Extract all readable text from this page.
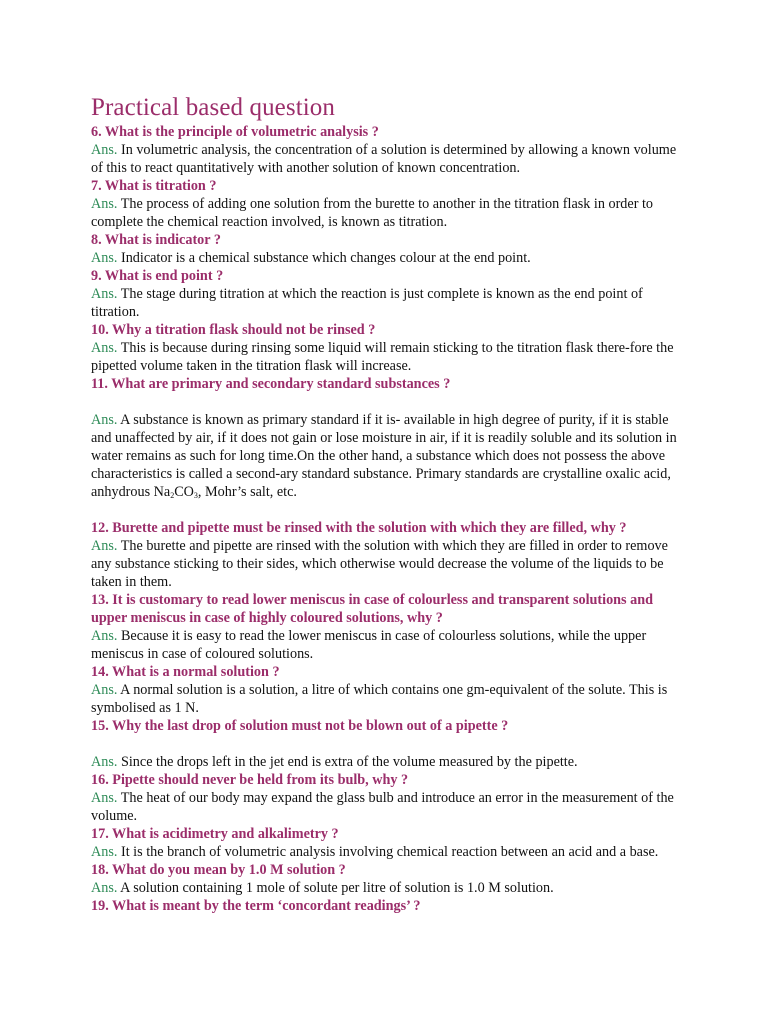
Practical based question

6. What is the principle of volumetric analysis ?

Ans. In volumetric analysis, the concentration of a solution is determined by allowing a known volume of this to react quantitatively with another solution of known concentration.

7. What is titration ?

Ans. The process of adding one solution from the burette to another in the titration flask in order to complete the chemical reaction involved, is known as titration.

8. What is indicator ?

Ans. Indicator is a chemical substance which changes colour at the end point.

9. What is end point ?

Ans. The stage during titration at which the reaction is just complete is known as the end point of titration.

10. Why a titration flask should not be rinsed ?

Ans. This is because during rinsing some liquid will remain sticking to the titration flask there-fore the pipetted volume taken in the titration flask will increase.

11. What are primary and secondary standard substances ?

Ans. A substance is known as primary standard if it is- available in high degree of purity, if it is stable and unaffected by air, if it does not gain or lose moisture in air, if it is readily soluble and its solution in water remains as such for long time.On the other hand, a substance which does not possess the above characteristics is called a second-ary standard substance. Primary standards are crystalline oxalic acid, anhydrous $Na_2CO_3$, Mohr’s salt, etc.

12. Burette and pipette must be rinsed with the solution with which they are filled, why ?

Ans. The burette and pipette are rinsed with the solution with which they are filled in order to remove any substance sticking to their sides, which otherwise would decrease the volume of the liquids to be taken in them.

13. It is customary to read lower meniscus in case of colourless and transparent solutions and upper meniscus in case of highly coloured solutions, why ?

Ans. Because it is easy to read the lower meniscus in case of colourless solutions, while the upper meniscus in case of coloured solutions.

14. What is a normal solution ?

Ans. A normal solution is a solution, a litre of which contains one gm-equivalent of the solute. This is symbolised as 1 N.

15. Why the last drop of solution must not be blown out of a pipette ?

Ans. Since the drops left in the jet end is extra of the volume measured by the pipette.

16. Pipette should never be held from its bulb, why ?

Ans. The heat of our body may expand the glass bulb and introduce an error in the measurement of the volume.

17. What is acidimetry and alkalimetry ?

Ans. It is the branch of volumetric analysis involving chemical reaction between an acid and a base.

18. What do you mean by 1.0 M solution ?

Ans. A solution containing 1 mole of solute per litre of solution is 1.0 M solution.

19. What is meant by the term ‘concordant readings’ ?
